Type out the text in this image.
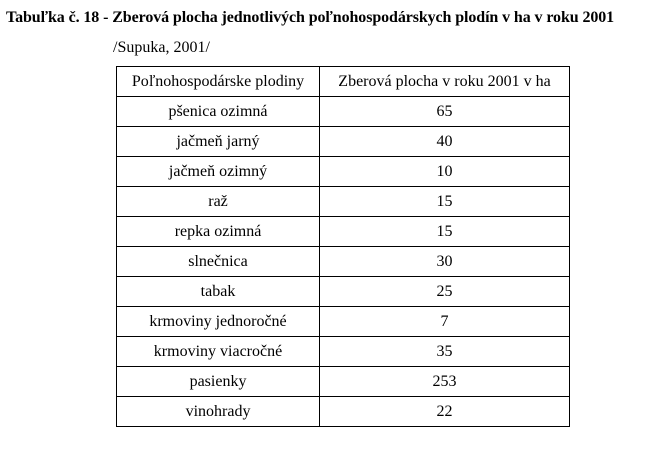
Tabuľka č. 18 - Zberová plocha jednotlivých poľnohospodárskych plodín v ha v roku 2001
/Supuka, 2001/
Poľnohospodárske plodiny	Zberová plocha v roku 2001 v ha
pšenica ozimná	65
jačmeň jarný	40
jačmeň ozimný	10
raž	15
repka ozimná	15
slnečnica	30
tabak	25
krmoviny jednoročné	7
krmoviny viacročné	35
pasienky	253
vinohrady	22
